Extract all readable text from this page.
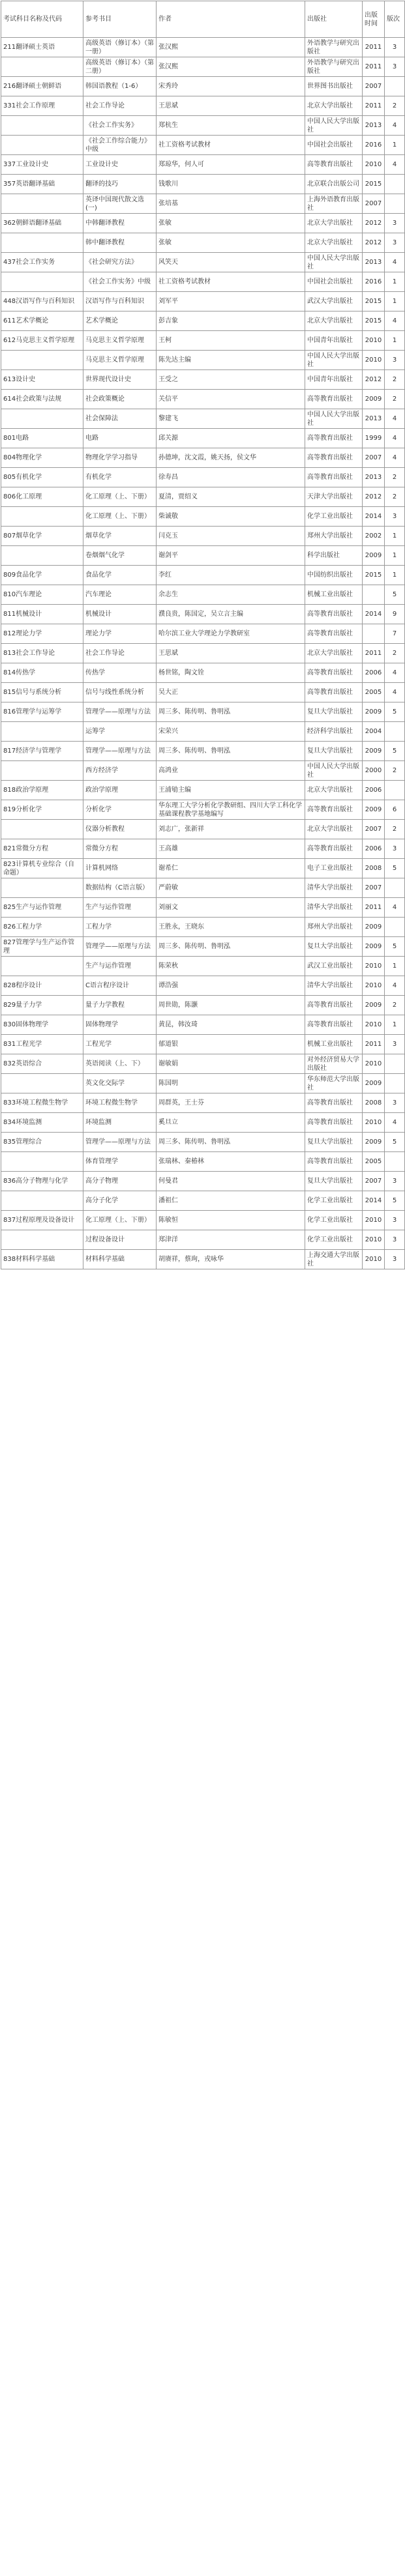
考试科目名称及代码	参考书目	作者	出版社	出版时间	版次
211翻译硕士英语	高级英语（修订本）（第一册）	张汉熙	外语教学与研究出版社	2011	3
	高级英语（修订本）（第二册）	张汉熙	外语教学与研究出版社	2011	3
216翻译硕士朝鲜语	韩国语教程（1-6）	宋秀玲	世界图书出版社	2007	
331社会工作原理	社会工作导论	王思斌	北京大学出版社	2011	2
	《社会工作实务》	郑杭生	中国人民大学出版社	2013	4
	《社会工作综合能力》中级	社工资格考试教材	中国社会出版社	2016	1
337工业设计史	工业设计史	郑琼华，何人可	高等教育出版社	2010	4
357英语翻译基础	翻译的技巧	钱歌川	北京联合出版公司	2015	
	英译中国现代散文选(一)	张培基	上海外语教育出版社	2007	
362朝鲜语翻译基础	中韩翻译教程	张敏	北京大学出版社	2012	3
	韩中翻译教程	张敏	北京大学出版社	2012	3
437社会工作实务	《社会研究方法》	风笑天	中国人民大学出版社	2013	4
	《社会工作实务》中级	社工资格考试教材	中国社会出版社	2016	1
448汉语写作与百科知识	汉语写作与百科知识	刘军平	武汉大学出版社	2015	1
611艺术学概论	艺术学概论	彭吉象	北京大学出版社	2015	4
612马克思主义哲学原理	马克思主义哲学原理	王柯	中国青年出版社	2010	1
	马克思主义哲学原理	陈先达主编	中国人民大学出版社	2010	3
613设计史	世界现代设计史	王受之	中国青年出版社	2012	2
614社会政策与法规	社会政策概论	关信平	高等教育出版社	2009	2
	社会保障法	黎建飞	中国人民大学出版社	2013	4
801电路	电路	邱关源	高等教育出版社	1999	4
804物理化学	物理化学学习指导	孙德坤，沈文霞，姚天扬，侯文华	高等教育出版社	2007	4
805有机化学	有机化学	徐寿昌	高等教育出版社	2013	2
806化工原理	化工原理（上、下册）	夏清，贾绍义	天津大学出版社	2012	2
	化工原理（上、下册）	柴诚敬	化学工业出版社	2014	3
807烟草化学	烟草化学	闫克玉	郑州大学出版社	2002	1
	卷烟烟气化学	谢剑平	科学出版社	2009	1
809食品化学	食品化学	李红	中国纺织出版社	2015	1
810汽车理论	汽车理论	余志生	机械工业出版社		5
811机械设计	机械设计	濮良贵，陈国定，吴立言主编	高等教育出版社	2014	9
812理论力学	理论力学	哈尔滨工业大学理论力学教研室	高等教育出版社		7
813社会工作导论	社会工作导论	王思斌	北京大学出版社	2011	2
814传热学	传热学	杨世铭，陶文铨	高等教育出版社	2006	4
815信号与系统分析	信号与线性系统分析	吴大正	高等教育出版社	2005	4
816管理学与运筹学	管理学——原理与方法	周三多、陈传明、鲁明泓	复旦大学出版社	2009	5
	运筹学	宋荣兴	经济科学出版社	2004	
817经济学与管理学	管理学——原理与方法	周三多、陈传明、鲁明泓	复旦大学出版社	2009	5
	西方经济学	高鸿业	中国人民大学出版社	2000	2
818政治学原理	政治学原理	王浦劬主编	北京大学出版社	2006	
819分析化学	分析化学	华东理工大学分析化学教研组、四川大学工科化学基础课程教学基地编写	高等教育出版社	2009	6
	仪器分析教程	刘志广，张新祥	北京大学出版社	2007	2
821常微分方程	常微分方程	王高雄	高等教育出版社	2006	3
823计算机专业综合（自命题）	计算机网络	谢希仁	电子工业出版社	2008	5
	数据结构（C语言版）	严蔚敏	清华大学出版社	2007	
825生产与运作管理	生产与运作管理	刘丽文	清华大学出版社	2011	4
826工程力学	工程力学	王胜永，王晓东	郑州大学出版社	2009	
827管理学与生产运作管理	管理学——原理与方法	周三多、陈传明、鲁明泓	复旦大学出版社	2009	5
	生产与运作管理	陈荣秋	武汉工业出版社	2010	1
828程序设计	C语言程序设计	谭浩强	清华大学出版社	2010	4
829量子力学	量子力学教程	周世勋，陈灏	高等教育出版社	2009	2
830固体物理学	固体物理学	黄昆，韩汝琦	高等教育出版社	2010	1
831工程光学	工程光学	郁道银	机械工业出版社	2011	3
832英语综合	英语阅读（上、下）	谢敏娟	对外经济贸易大学出版社	2010	
	英文化交际学	陈国明	华东师范大学出版社	2009	
833环境工程微生物学	环境工程微生物学	周群英，王士芬	高等教育出版社	2008	3
834环境监测	环境监测	奚旦立	高等教育出版社	2010	4
835管理综合	管理学——原理与方法	周三多、陈传明、鲁明泓	复旦大学出版社	2009	5
	体育管理学	张瑞林、秦椿林	高等教育出版社	2005	
836高分子物理与化学	高分子物理	何曼君	复旦大学出版社	2007	3
	高分子化学	潘祖仁	化学工业出版社	2014	5
837过程原理及设备设计	化工原理（上、下册）	陈敏恒	化学工业出版社	2010	3
	过程设备设计	郑津洋	化学工业出版社	2010	3
838材料科学基础	材料科学基础	胡赓祥，蔡珣，戎咏华	上海交通大学出版社	2010	3
